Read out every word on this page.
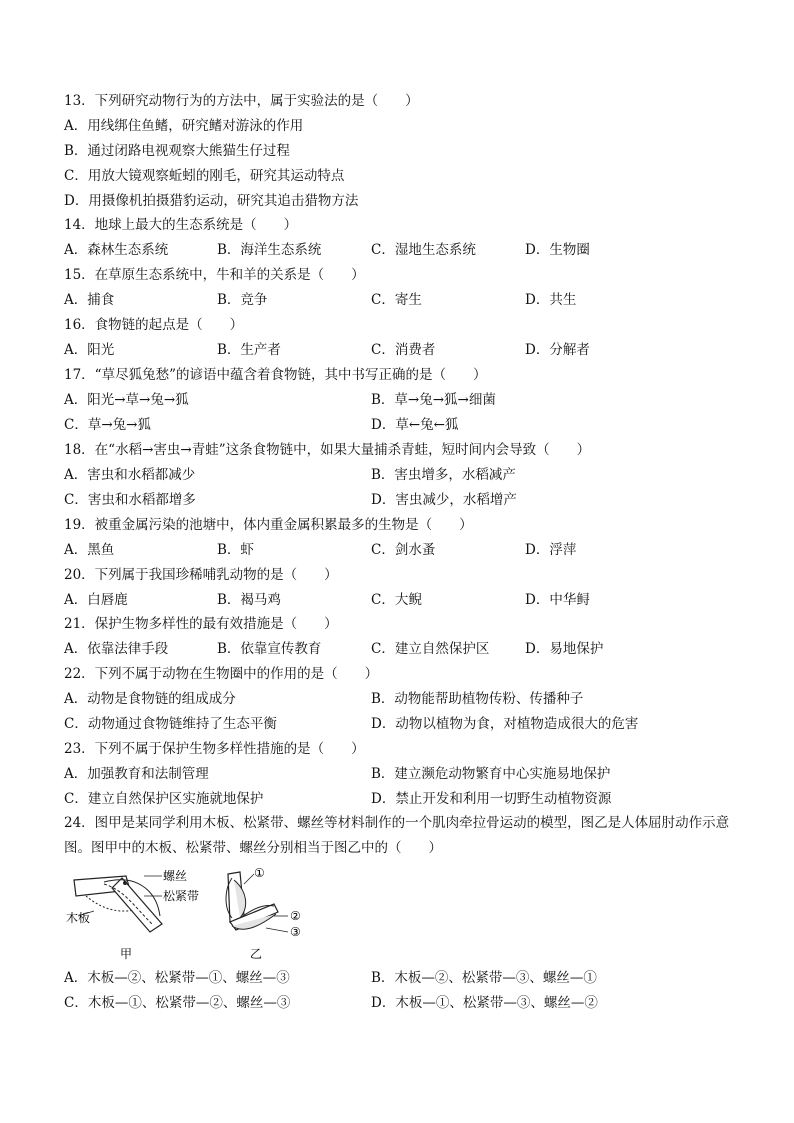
13．下列研究动物行为的方法中，属于实验法的是（　　）
A．用线绑住鱼鳍，研究鳍对游泳的作用
B．通过闭路电视观察大熊猫生仔过程
C．用放大镜观察蚯蚓的刚毛，研究其运动特点
D．用摄像机拍摄猎豹运动，研究其追击猎物方法
14．地球上最大的生态系统是（　　）
A．森林生态系统	B．海洋生态系统	C．湿地生态系统	D．生物圈
15．在草原生态系统中，牛和羊的关系是（　　）
A．捕食	B．竞争	C．寄生	D．共生
16．食物链的起点是（　　）
A．阳光	B．生产者	C．消费者	D．分解者
17．“草尽狐兔愁”的谚语中蕴含着食物链，其中书写正确的是（　　）
A．阳光→草→兔→狐	B．草→兔→狐→细菌
C．草→兔→狐	D．草←兔←狐
18．在“水稻→害虫→青蛙”这条食物链中，如果大量捕杀青蛙，短时间内会导致（　　）
A．害虫和水稻都减少	B．害虫增多，水稻减产
C．害虫和水稻都增多	D．害虫减少，水稻增产
19．被重金属污染的池塘中，体内重金属积累最多的生物是（　　）
A．黑鱼	B．虾	C．剑水蚤	D．浮萍
20．下列属于我国珍稀哺乳动物的是（　　）
A．白唇鹿	B．褐马鸡	C．大鲵	D．中华鲟
21．保护生物多样性的最有效措施是（　　）
A．依靠法律手段	B．依靠宣传教育	C．建立自然保护区	D．易地保护
22．下列不属于动物在生物圈中的作用的是（　　）
A．动物是食物链的组成成分	B．动物能帮助植物传粉、传播种子
C．动物通过食物链维持了生态平衡	D．动物以植物为食，对植物造成很大的危害
23．下列不属于保护生物多样性措施的是（　　）
A．加强教育和法制管理	B．建立濒危动物繁育中心实施易地保护
C．建立自然保护区实施就地保护	D．禁止开发和利用一切野生动植物资源
24．图甲是某同学利用木板、松紧带、螺丝等材料制作的一个肌肉牵拉骨运动的模型，图乙是人体屈肘动作示意图。图甲中的木板、松紧带、螺丝分别相当于图乙中的（　　）
螺丝
松紧带
木板
甲
①
②
③
乙
A．木板—②、松紧带—①、螺丝—③	B．木板—②、松紧带—③、螺丝—①
C．木板—①、松紧带—②、螺丝—③	D．木板—①、松紧带—③、螺丝—②
